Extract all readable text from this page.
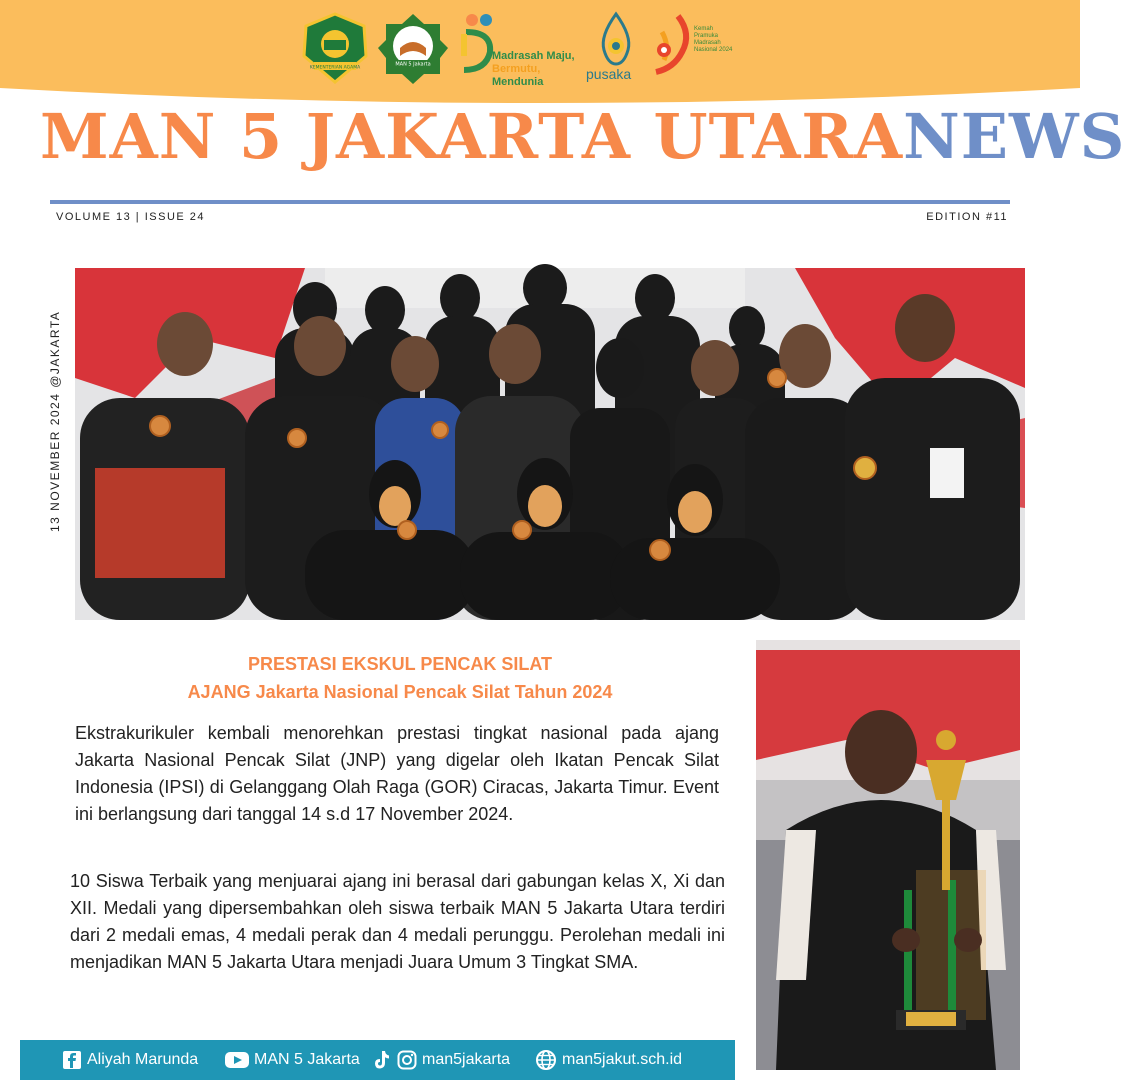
KEMENTERIAN AGAMA
MAN 5 Jakarta
Madrasah Maju,
Bermutu,
Mendunia	pusaka
Kemah Pramuka Madrasah Nasional 2024
MAN 5 JAKARTA UTARANEWS
VOLUME 13 | ISSUE 24	EDITION #11
13 NOVEMBER 2024 @JAKARTA
PRESTASI EKSKUL PENCAK SILAT
AJANG Jakarta Nasional Pencak Silat Tahun 2024
Ekstrakurikuler kembali menorehkan prestasi tingkat nasional pada ajang Jakarta Nasional Pencak Silat (JNP) yang digelar oleh Ikatan Pencak Silat Indonesia (IPSI) di Gelanggang Olah Raga (GOR) Ciracas, Jakarta Timur. Event ini berlangsung dari tanggal 14 s.d 17 November 2024.
10 Siswa Terbaik yang menjuarai ajang ini berasal dari gabungan kelas X, Xi dan XII. Medali yang dipersembahkan oleh siswa terbaik MAN 5 Jakarta Utara terdiri dari 2 medali emas, 4 medali perak dan 4 medali perunggu. Perolehan medali ini menjadikan MAN 5 Jakarta Utara menjadi Juara Umum 3 Tingkat SMA.
Aliyah Marunda	MAN 5 Jakarta	man5jakarta	man5jakut.sch.id
